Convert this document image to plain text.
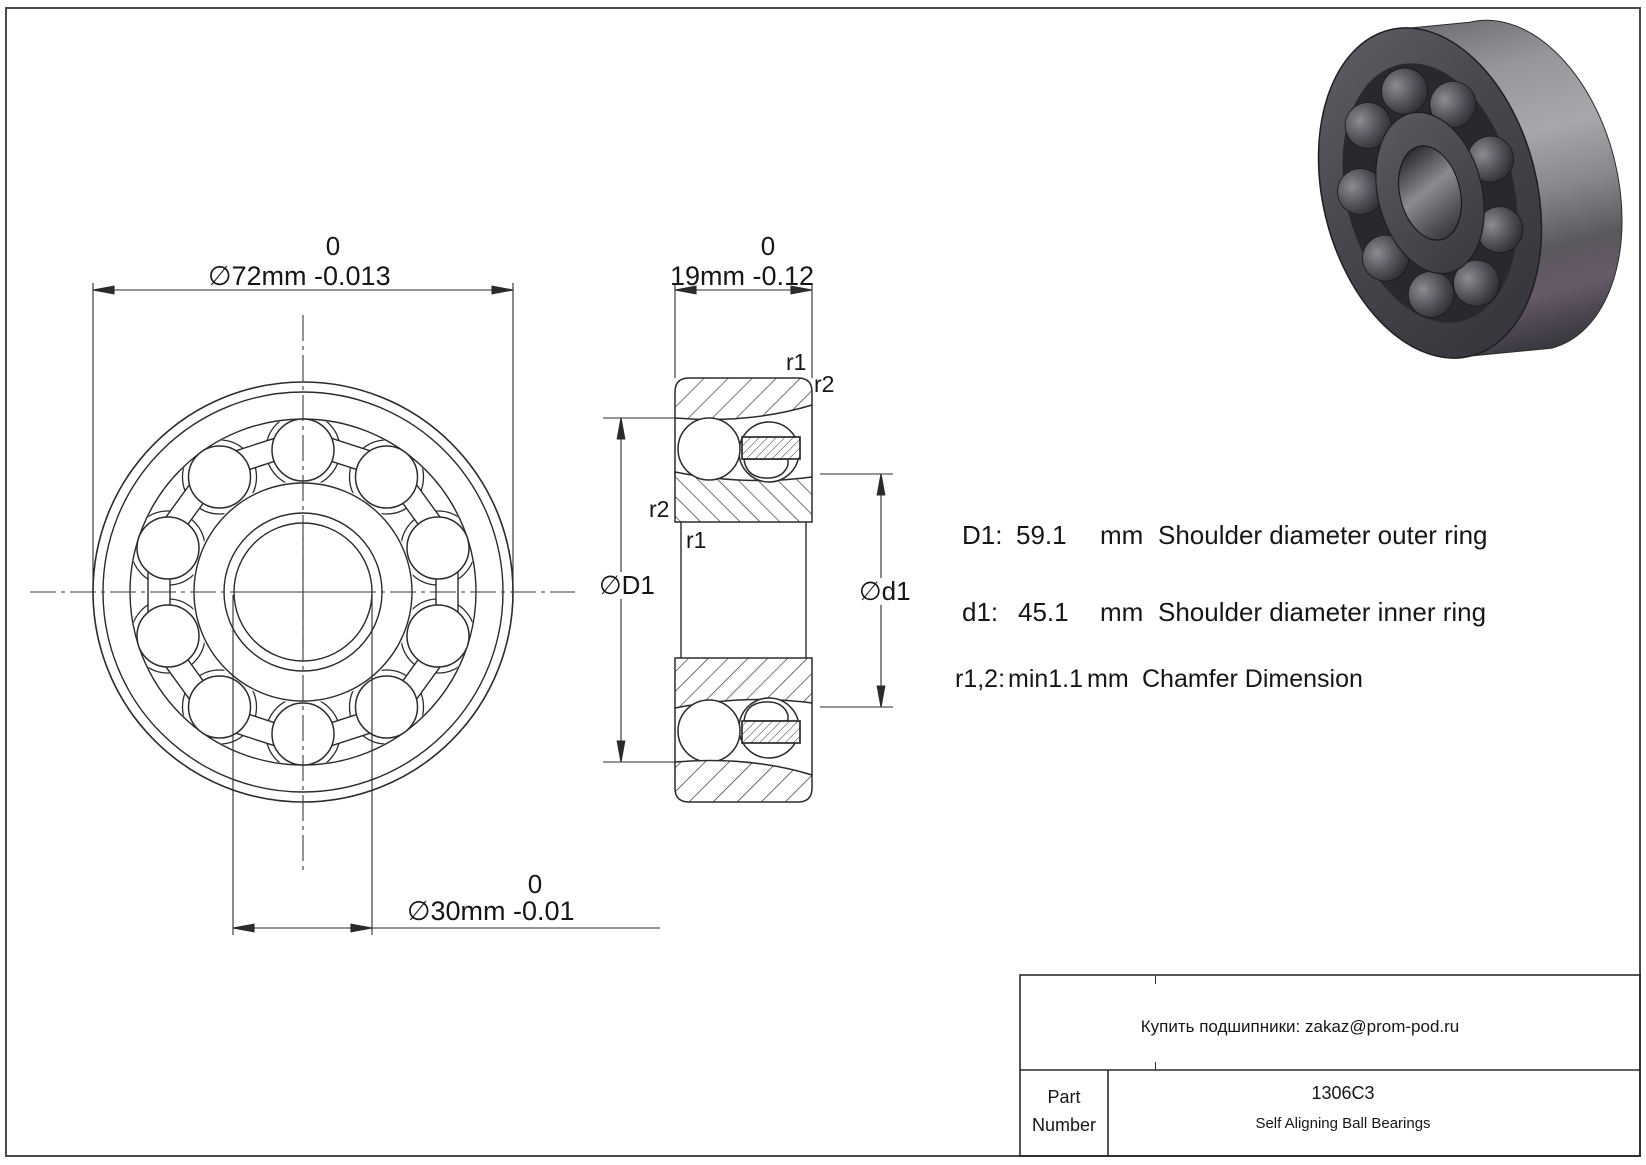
∅72mm -0.013
0
19mm -0.12
0
∅30mm -0.01
0
r1
r2
r2
r1
∅D1	∅d1
D1: 59.1 mm Shoulder diameter outer ring
d1: 45.1 mm Shoulder diameter inner ring
r1,2: min1.1 mm Chamfer Dimension
Купить подшипники: zakaz@prom-pod.ru
Part
Number
1306C3
Self Aligning Ball Bearings
